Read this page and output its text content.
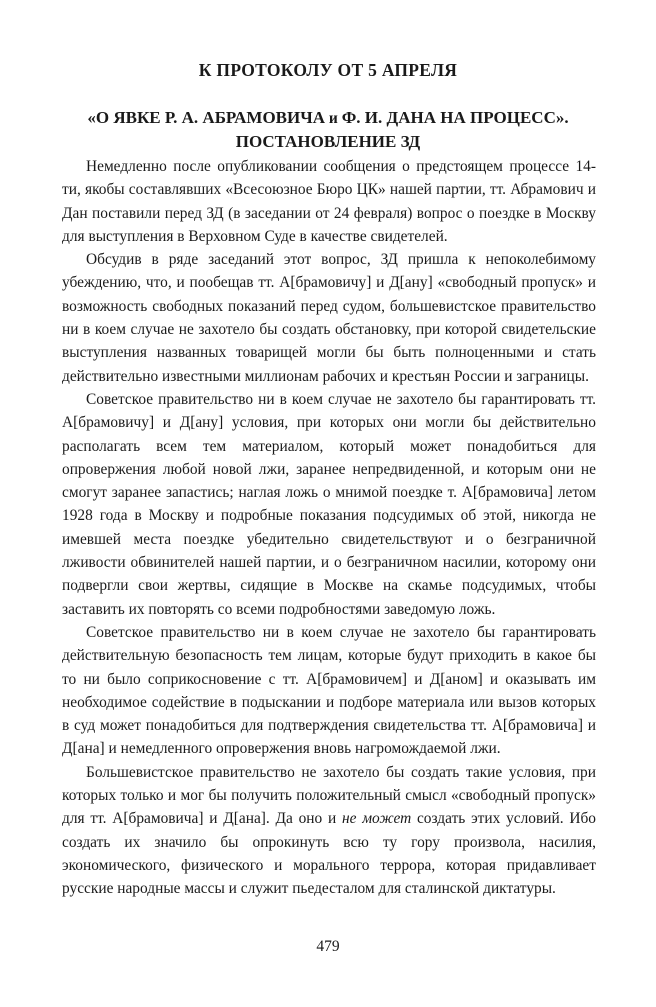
К ПРОТОКОЛУ ОТ 5 АПРЕЛЯ
«О ЯВКЕ Р. А. АБРАМОВИЧА и Ф. И. ДАНА НА ПРОЦЕСС».
ПОСТАНОВЛЕНИЕ ЗД

Немедленно после опубликовании сообщения о предстоящем процессе 14-ти, якобы составлявших «Всесоюзное Бюро ЦК» нашей партии, тт. Абрамович и Дан поставили перед ЗД (в заседании от 24 февраля) вопрос о поездке в Москву для выступления в Верховном Суде в качестве свидетелей.

Обсудив в ряде заседаний этот вопрос, ЗД пришла к непоколебимому убеждению, что, и пообещав тт. А[брамовичу] и Д[ану] «свободный пропуск» и возможность свободных показаний перед судом, большевистское правительство ни в коем случае не захотело бы создать обстановку, при которой свидетельские выступления названных товарищей могли бы быть полноценными и стать действительно известными миллионам рабочих и крестьян России и заграницы.

Советское правительство ни в коем случае не захотело бы гарантировать тт. А[брамовичу] и Д[ану] условия, при которых они могли бы действительно располагать всем тем материалом, который может понадобиться для опровержения любой новой лжи, заранее непредвиденной, и которым они не смогут заранее запастись; наглая ложь о мнимой поездке т. А[брамовича] летом 1928 года в Москву и подробные показания подсудимых об этой, никогда не имевшей места поездке убедительно свидетельствуют и о безграничной лживости обвинителей нашей партии, и о безграничном насилии, которому они подвергли свои жертвы, сидящие в Москве на скамье подсудимых, чтобы заставить их повторять со всеми подробностями заведомую ложь.

Советское правительство ни в коем случае не захотело бы гарантировать действительную безопасность тем лицам, которые будут приходить в какое бы то ни было соприкосновение с тт. А[брамовичем] и Д[аном] и оказывать им необходимое содействие в подыскании и подборе материала или вызов которых в суд может понадобиться для подтверждения свидетельства тт. А[брамовича] и Д[ана] и немедленного опровержения вновь нагромождаемой лжи.

Большевистское правительство не захотело бы создать такие условия, при которых только и мог бы получить положительный смысл «свободный пропуск» для тт. А[брамовича] и Д[ана]. Да оно и не может создать этих условий. Ибо создать их значило бы опрокинуть всю ту гору произвола, насилия, экономического, физического и морального террора, которая придавливает русские народные массы и служит пьедесталом для сталинской диктатуры.

479
